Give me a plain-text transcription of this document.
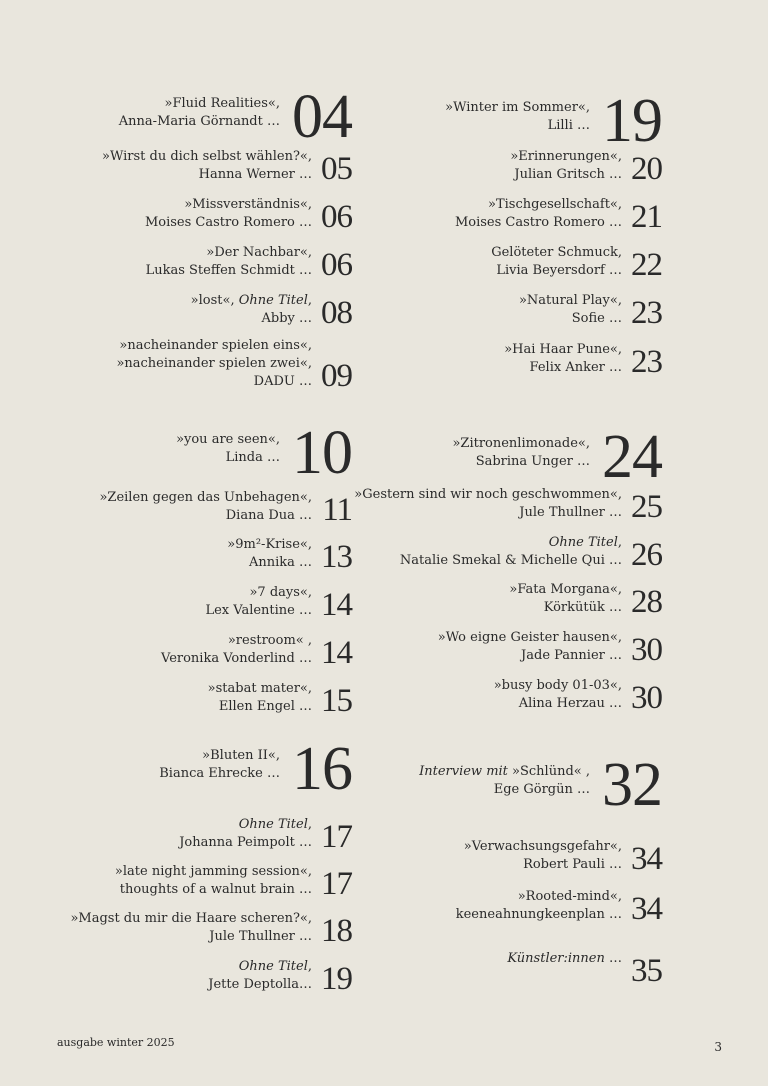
»Fluid Realities«,
Anna-Maria Görnandt … 04
»Wirst du dich selbst wählen?«,
Hanna Werner … 05
»Missverständnis«,
Moises Castro Romero … 06
»Der Nachbar«,
Lukas Steffen Schmidt … 06
»lost«, Ohne Titel,
Abby … 08
»nacheinander spielen eins«,
»nacheinander spielen zwei«,
DADU … 09
»you are seen«,
Linda … 10
»Zeilen gegen das Unbehagen«,
Diana Dua … 11
»9m²-Krise«,
Annika … 13
»7 days«,
Lex Valentine … 14
»restroom« ,
Veronika Vonderlind … 14
»stabat mater«,
Ellen Engel … 15
»Bluten II«,
Bianca Ehrecke … 16
Ohne Titel,
Johanna Peimpolt … 17
»late night jamming session«,
thoughts of a walnut brain … 17
»Magst du mir die Haare scheren?«,
Jule Thullner … 18
Ohne Titel,
Jette Deptolla… 19
»Winter im Sommer«,
Lilli … 19
»Erinnerungen«,
Julian Gritsch … 20
»Tischgesellschaft«,
Moises Castro Romero … 21
Gelöteter Schmuck,
Livia Beyersdorf … 22
»Natural Play«,
Sofie … 23
»Hai Haar Pune«,
Felix Anker … 23
»Zitronenlimonade«,
Sabrina Unger … 24
»Gestern sind wir noch geschwommen«,
Jule Thullner … 25
Ohne Titel,
Natalie Smekal & Michelle Qui … 26
»Fata Morgana«,
Körkütük … 28
»Wo eigne Geister hausen«,
Jade Pannier … 30
»busy body 01-03«,
Alina Herzau … 30
Interview mit »Schlünd« ,
Ege Görgün … 32
»Verwachsungsgefahr«,
Robert Pauli … 34
»Rooted-mind«,
keeneahnungkeenplan … 34
Künstler:innen … 35
ausgabe winter 2025	3
